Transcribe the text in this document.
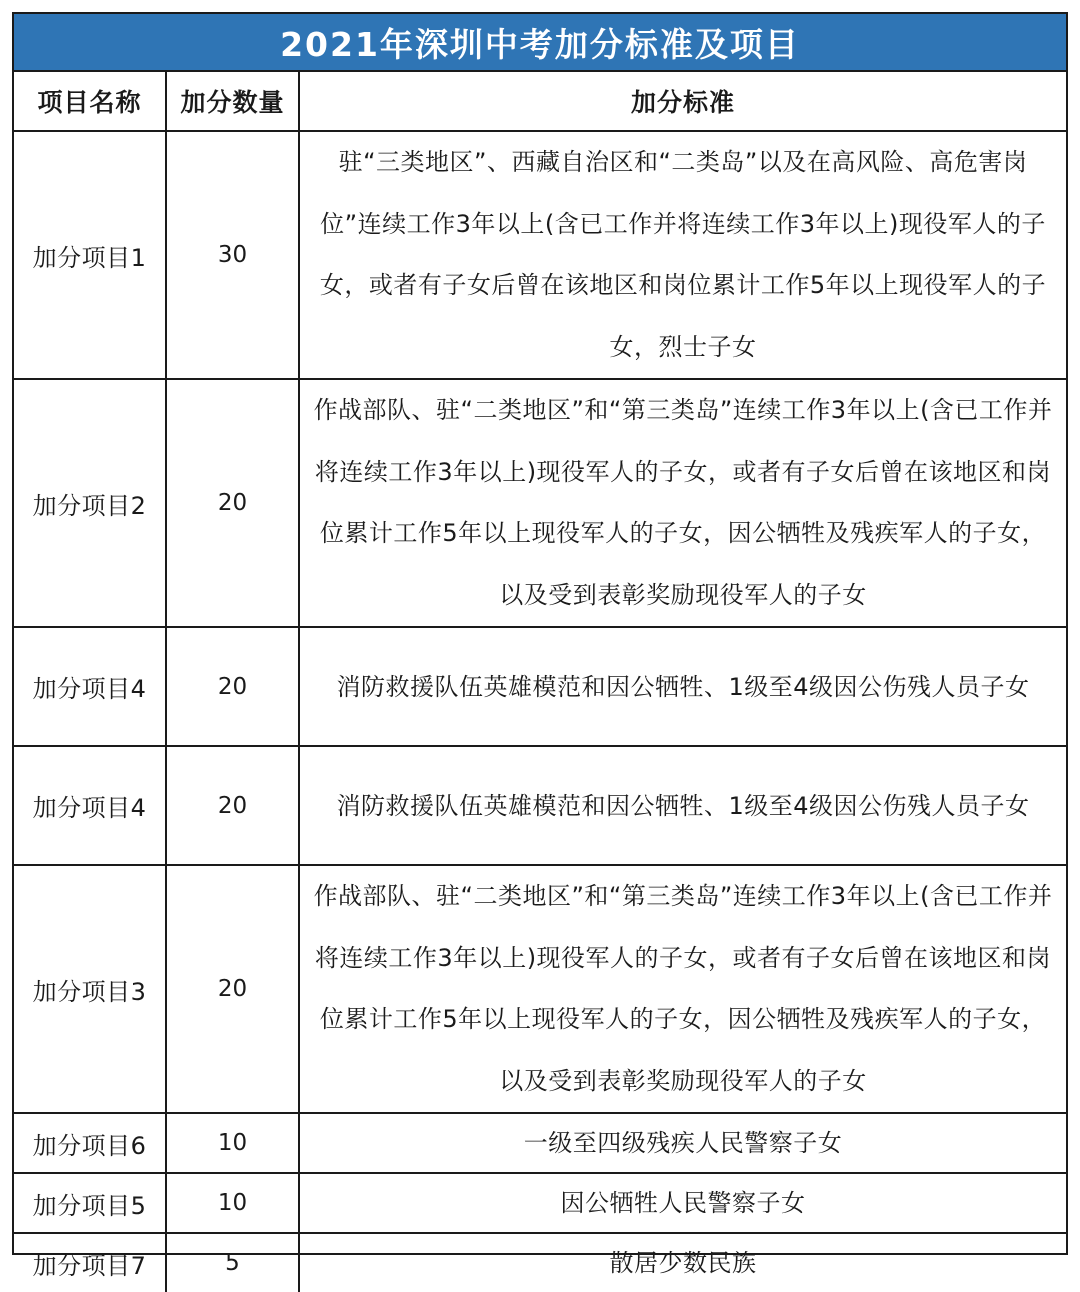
2021年深圳中考加分标准及项目
项目名称	加分数量	加分标准
加分项目1	30	驻“三类地区”、西藏自治区和“二类岛”以及在高风险、高危害岗位”连续工作3年以上(含已工作并将连续工作3年以上)现役军人的子女，或者有子女后曾在该地区和岗位累计工作5年以上现役军人的子女，烈士子女
加分项目2	20	作战部队、驻“二类地区”和“第三类岛”连续工作3年以上(含已工作并将连续工作3年以上)现役军人的子女，或者有子女后曾在该地区和岗位累计工作5年以上现役军人的子女，因公牺牲及残疾军人的子女，以及受到表彰奖励现役军人的子女
加分项目4	20	消防救援队伍英雄模范和因公牺牲、1级至4级因公伤残人员子女
加分项目4	20	消防救援队伍英雄模范和因公牺牲、1级至4级因公伤残人员子女
加分项目3	20	作战部队、驻“二类地区”和“第三类岛”连续工作3年以上(含已工作并将连续工作3年以上)现役军人的子女，或者有子女后曾在该地区和岗位累计工作5年以上现役军人的子女，因公牺牲及残疾军人的子女，以及受到表彰奖励现役军人的子女
加分项目6	10	一级至四级残疾人民警察子女
加分项目5	10	因公牺牲人民警察子女
加分项目7	5	散居少数民族
